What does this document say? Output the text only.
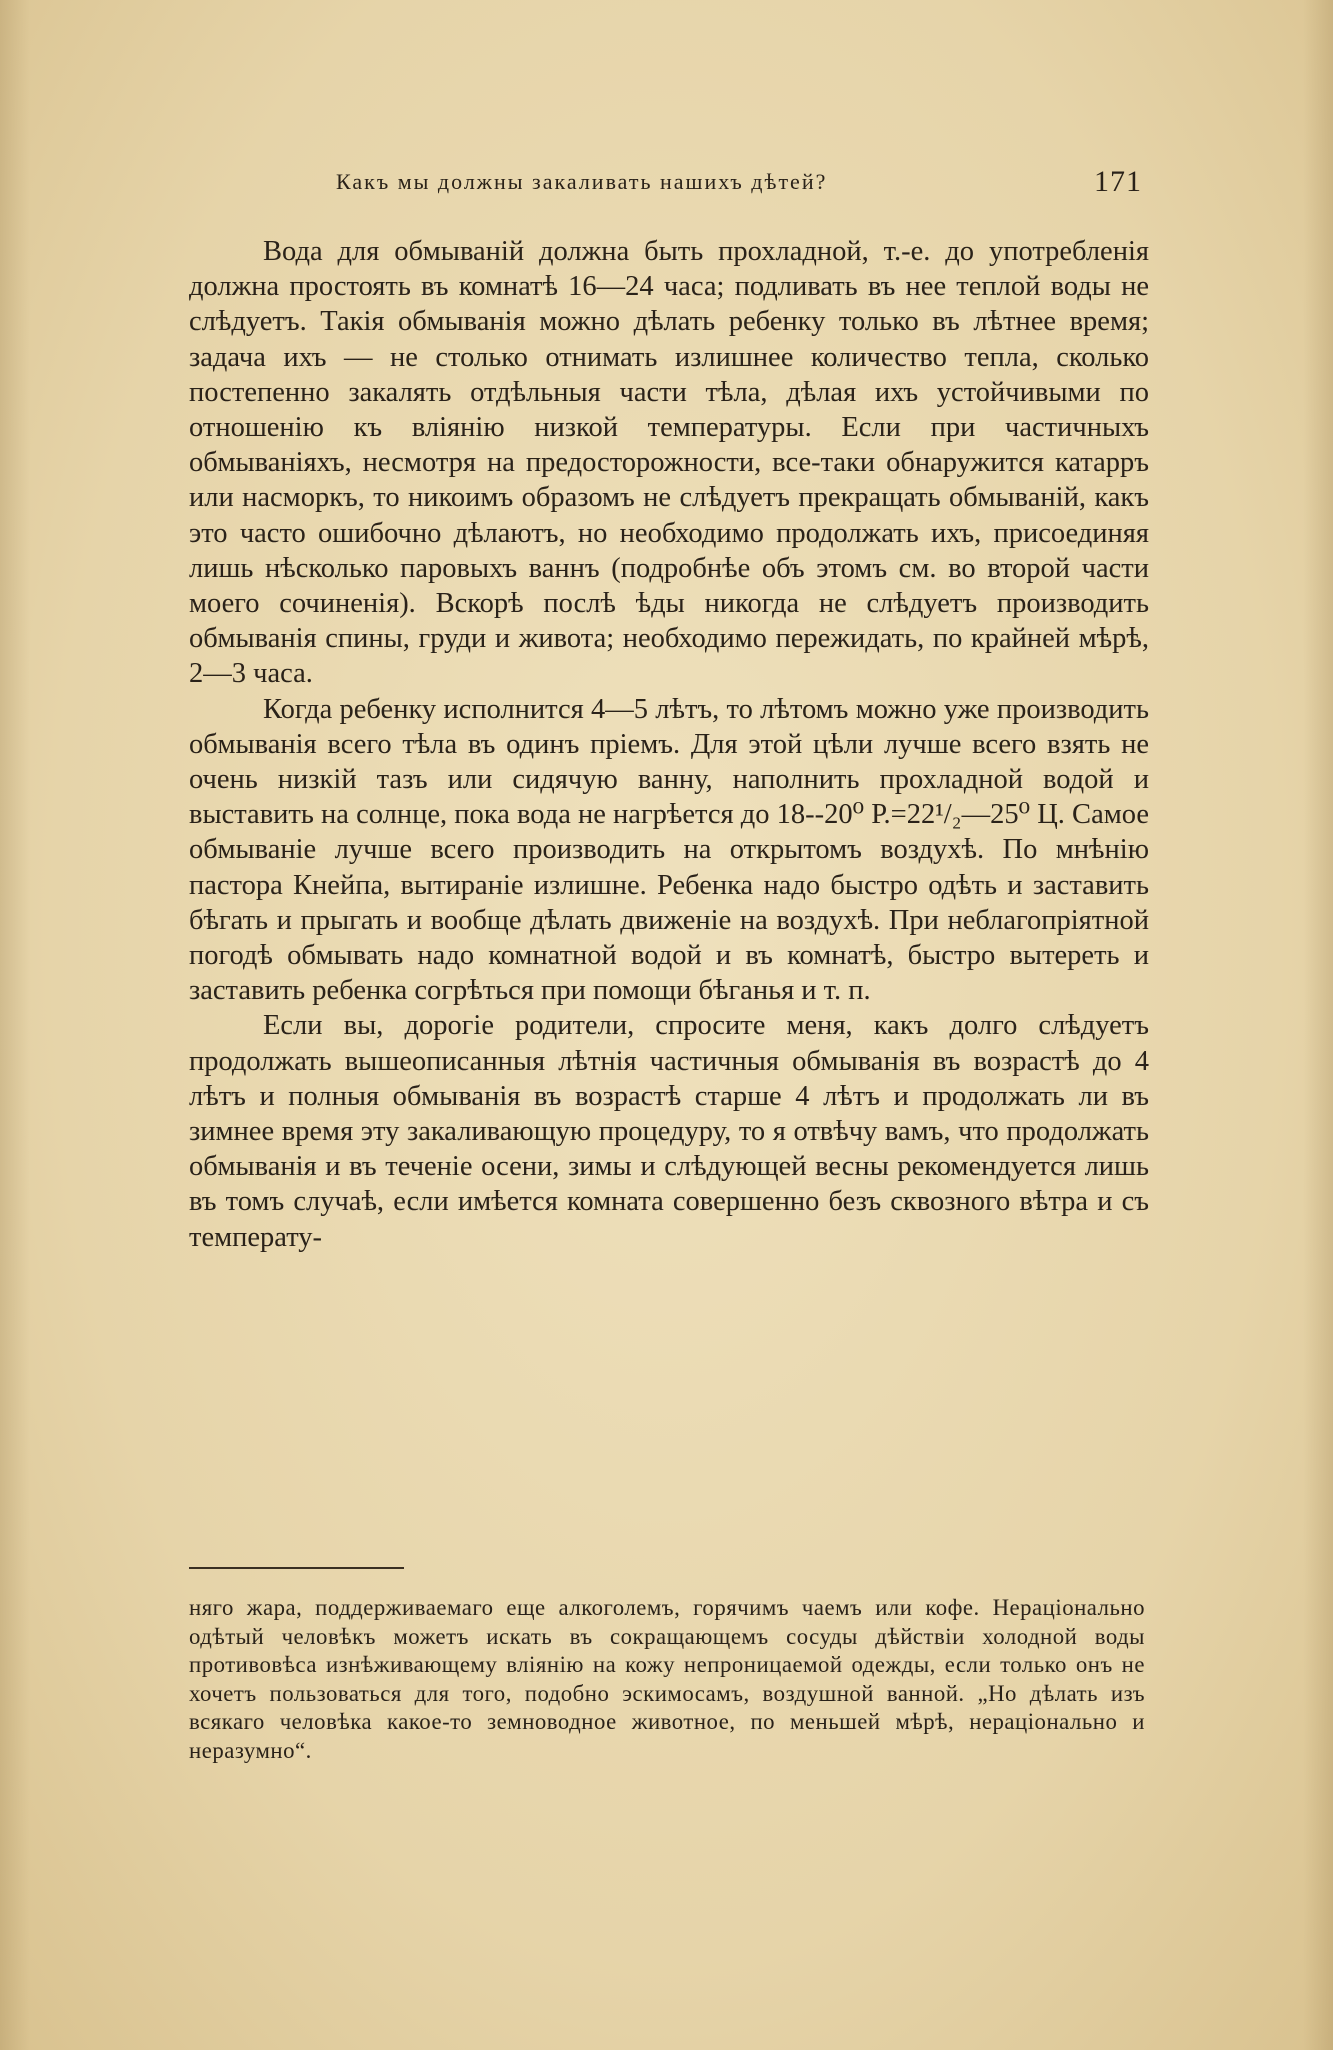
Какъ мы должны закаливать нашихъ дѣтей?	171

Вода для обмыванiй должна быть прохладной, т.-е. до употребленiя должна простоять въ комнатѣ 16—24 часа; подливать въ нее теплой воды не слѣдуетъ. Такiя обмыванiя можно дѣлать ребенку только въ лѣтнее время; задача ихъ — не столько отнимать излишнее количество тепла, сколько постепенно закалять отдѣльныя части тѣла, дѣлая ихъ устойчивыми по отношенiю къ влiянiю низкой температуры. Если при частичныхъ обмыванiяхъ, несмотря на предосторожности, все-таки обнаружится катарръ или насморкъ, то никоимъ образомъ не слѣдуетъ прекращать обмыванiй, какъ это часто ошибочно дѣлаютъ, но необходимо продолжать ихъ, присоединяя лишь нѣсколько паровыхъ ваннъ (подробнѣе объ этомъ см. во второй части моего сочиненiя). Вскорѣ послѣ ѣды никогда не слѣдуетъ производить обмыванiя спины, груди и живота; необходимо пережидать, по крайней мѣрѣ, 2—3 часа.

Когда ребенку исполнится 4—5 лѣтъ, то лѣтомъ можно уже производить обмыванiя всего тѣла въ одинъ прiемъ. Для этой цѣли лучше всего взять не очень низкiй тазъ или сидячую ванну, наполнить прохладной водой и выставить на солнце, пока вода не нагрѣется до 18--20⁰ Р.=22¹/₂—25⁰ Ц. Самое обмыванiе лучше всего производить на открытомъ воздухѣ. По мнѣнiю пастора Кнейпа, вытиранiе излишне. Ребенка надо быстро одѣть и заставить бѣгать и прыгать и вообще дѣлать движенiе на воздухѣ. При неблагопрiятной погодѣ обмывать надо комнатной водой и въ комнатѣ, быстро вытереть и заставить ребенка согрѣться при помощи бѣганья и т. п.

Если вы, дорогiе родители, спросите меня, какъ долго слѣдуетъ продолжать вышеописанныя лѣтнiя частичныя обмыванiя въ возрастѣ до 4 лѣтъ и полныя обмыванiя въ возрастѣ старше 4 лѣтъ и продолжать ли въ зимнее время эту закаливающую процедуру, то я отвѣчу вамъ, что продолжать обмыванiя и въ теченiе осени, зимы и слѣдующей весны рекомендуется лишь въ томъ случаѣ, если имѣется комната совершенно безъ сквозного вѣтра и съ температу-

няго жара, поддерживаемаго еще алкоголемъ, горячимъ чаемъ или кофе. Нерацiонально одѣтый человѣкъ можетъ искать въ сокращающемъ сосуды дѣйствiи холодной воды противовѣса изнѣживающему влiянiю на кожу непроницаемой одежды, если только онъ не хочетъ пользоваться для того, подобно эскимосамъ, воздушной ванной. „Но дѣлать изъ всякаго человѣка какое-то земноводное животное, по меньшей мѣрѣ, нерацiонально и неразумно“.
